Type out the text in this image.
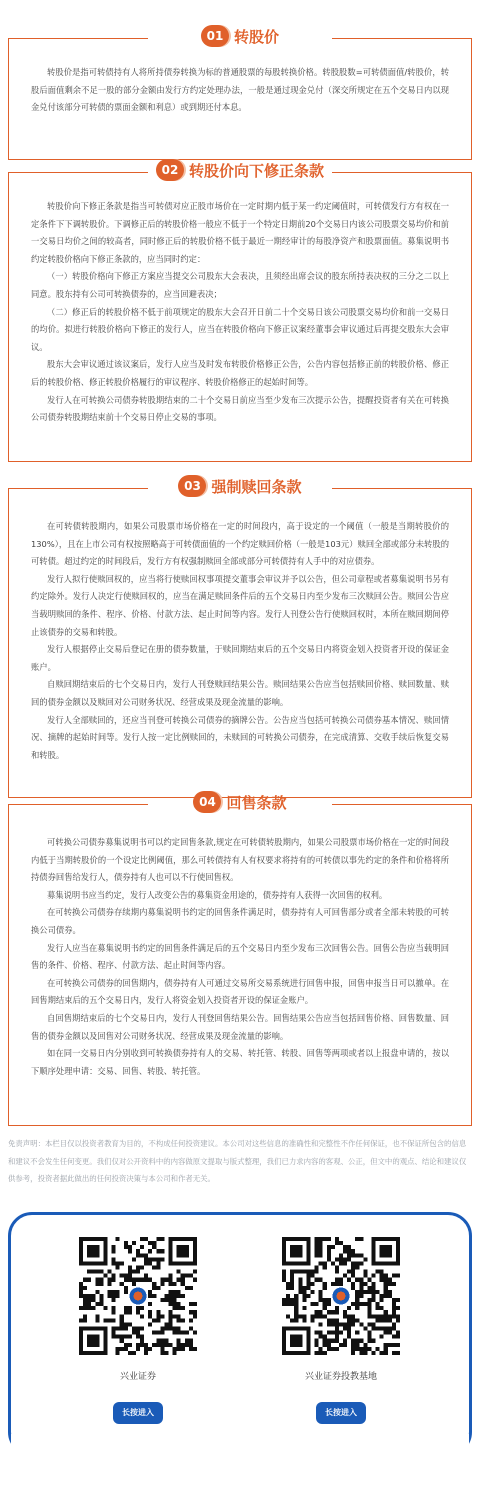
01 转股价

转股价是指可转债持有人将所持债券转换为标的普通股票的每股转换价格。转股股数=可转债面值/转股价，转股后面值剩余不足一股的部分金额由发行方约定处理办法，一般是通过现金兑付（深交所规定在五个交易日内以现金兑付该部分可转债的票面金额和利息）或到期还付本息。

02 转股价向下修正条款

转股价向下修正条款是指当可转债对应正股市场价在一定时期内低于某一约定阈值时，可转债发行方有权在一定条件下下调转股价。下调修正后的转股价格一般应不低于一个特定日期前20个交易日内该公司股票交易均价和前一交易日均价之间的较高者，同时修正后的转股价格不低于最近一期经审计的每股净资产和股票面值。募集说明书约定转股价格向下修正条款的，应当同时约定：

（一）转股价格向下修正方案应当提交公司股东大会表决，且须经出席会议的股东所持表决权的三分之二以上同意。股东持有公司可转换债券的，应当回避表决；

（二）修正后的转股价格不低于前项规定的股东大会召开日前二十个交易日该公司股票交易均价和前一交易日的均价。拟进行转股价格向下修正的发行人，应当在转股价格向下修正议案经董事会审议通过后再提交股东大会审议。

股东大会审议通过该议案后，发行人应当及时发布转股价格修正公告，公告内容包括修正前的转股价格、修正后的转股价格、修正转股价格履行的审议程序、转股价格修正的起始时间等。

发行人在可转换公司债券转股期结束的二十个交易日前应当至少发布三次提示公告，提醒投资者有关在可转换公司债券转股期结束前十个交易日停止交易的事项。

03 强制赎回条款

在可转债转股期内，如果公司股票市场价格在一定的时间段内，高于设定的一个阈值（一般是当期转股价的130%），且在上市公司有权按照略高于可转债面值的一个约定赎回价格（一般是103元）赎回全部或部分未转股的可转债。超过约定的时间段后，发行方有权强制赎回全部或部分可转债持有人手中的对应债券。

发行人拟行使赎回权的，应当将行使赎回权事项提交董事会审议并予以公告，但公司章程或者募集说明书另有约定除外。发行人决定行使赎回权的，应当在满足赎回条件后的五个交易日内至少发布三次赎回公告。赎回公告应当载明赎回的条件、程序、价格、付款方法、起止时间等内容。发行人刊登公告行使赎回权时，本所在赎回期间停止该债券的交易和转股。

发行人根据停止交易后登记在册的债券数量，于赎回期结束后的五个交易日内将资金划入投资者开设的保证金账户。

自赎回期结束后的七个交易日内，发行人刊登赎回结果公告。赎回结果公告应当包括赎回价格、赎回数量、赎回的债券金额以及赎回对公司财务状况、经营成果及现金流量的影响。

发行人全部赎回的，还应当刊登可转换公司债券的摘牌公告。公告应当包括可转换公司债券基本情况、赎回情况、摘牌的起始时间等。发行人按一定比例赎回的，未赎回的可转换公司债券，在完成清算、交收手续后恢复交易和转股。

04 回售条款

可转换公司债券募集说明书可以约定回售条款,规定在可转债转股期内，如果公司股票市场价格在一定的时间段内低于当期转股价的一个设定比例阈值，那么可转债持有人有权要求将持有的可转债以事先约定的条件和价格将所持债券回售给发行人，债券持有人也可以不行使回售权。

募集说明书应当约定，发行人改变公告的募集资金用途的，债券持有人获得一次回售的权利。

在可转换公司债券存续期内募集说明书约定的回售条件满足时，债券持有人可回售部分或者全部未转股的可转换公司债券。

发行人应当在募集说明书约定的回售条件满足后的五个交易日内至少发布三次回售公告。回售公告应当载明回售的条件、价格、程序、付款方法、起止时间等内容。

在可转换公司债券的回售期内，债券持有人可通过交易所交易系统进行回售申报，回售申报当日可以撤单。在回售期结束后的五个交易日内，发行人将资金划入投资者开设的保证金账户。

自回售期结束后的七个交易日内，发行人刊登回售结果公告。回售结果公告应当包括回售价格、回售数量、回售的债券金额以及回售对公司财务状况、经营成果及现金流量的影响。

如在同一交易日内分别收到可转换债券持有人的交易、转托管、转股、回售等两项或者以上报盘申请的，按以下顺序处理申请：交易、回售、转股、转托管。

免责声明：本栏目仅以投资者教育为目的，不构成任何投资建议。本公司对这些信息的准确性和完整性不作任何保证，也不保证所包含的信息和建议不会发生任何变更。我们仅对公开资料中的内容做原文提取与版式整理，我们已力求内容的客观、公正，但文中的观点、结论和建议仅供参考，投资者据此做出的任何投资决策与本公司和作者无关。
兴业证券
长按进入
兴业证券投教基地
长按进入
